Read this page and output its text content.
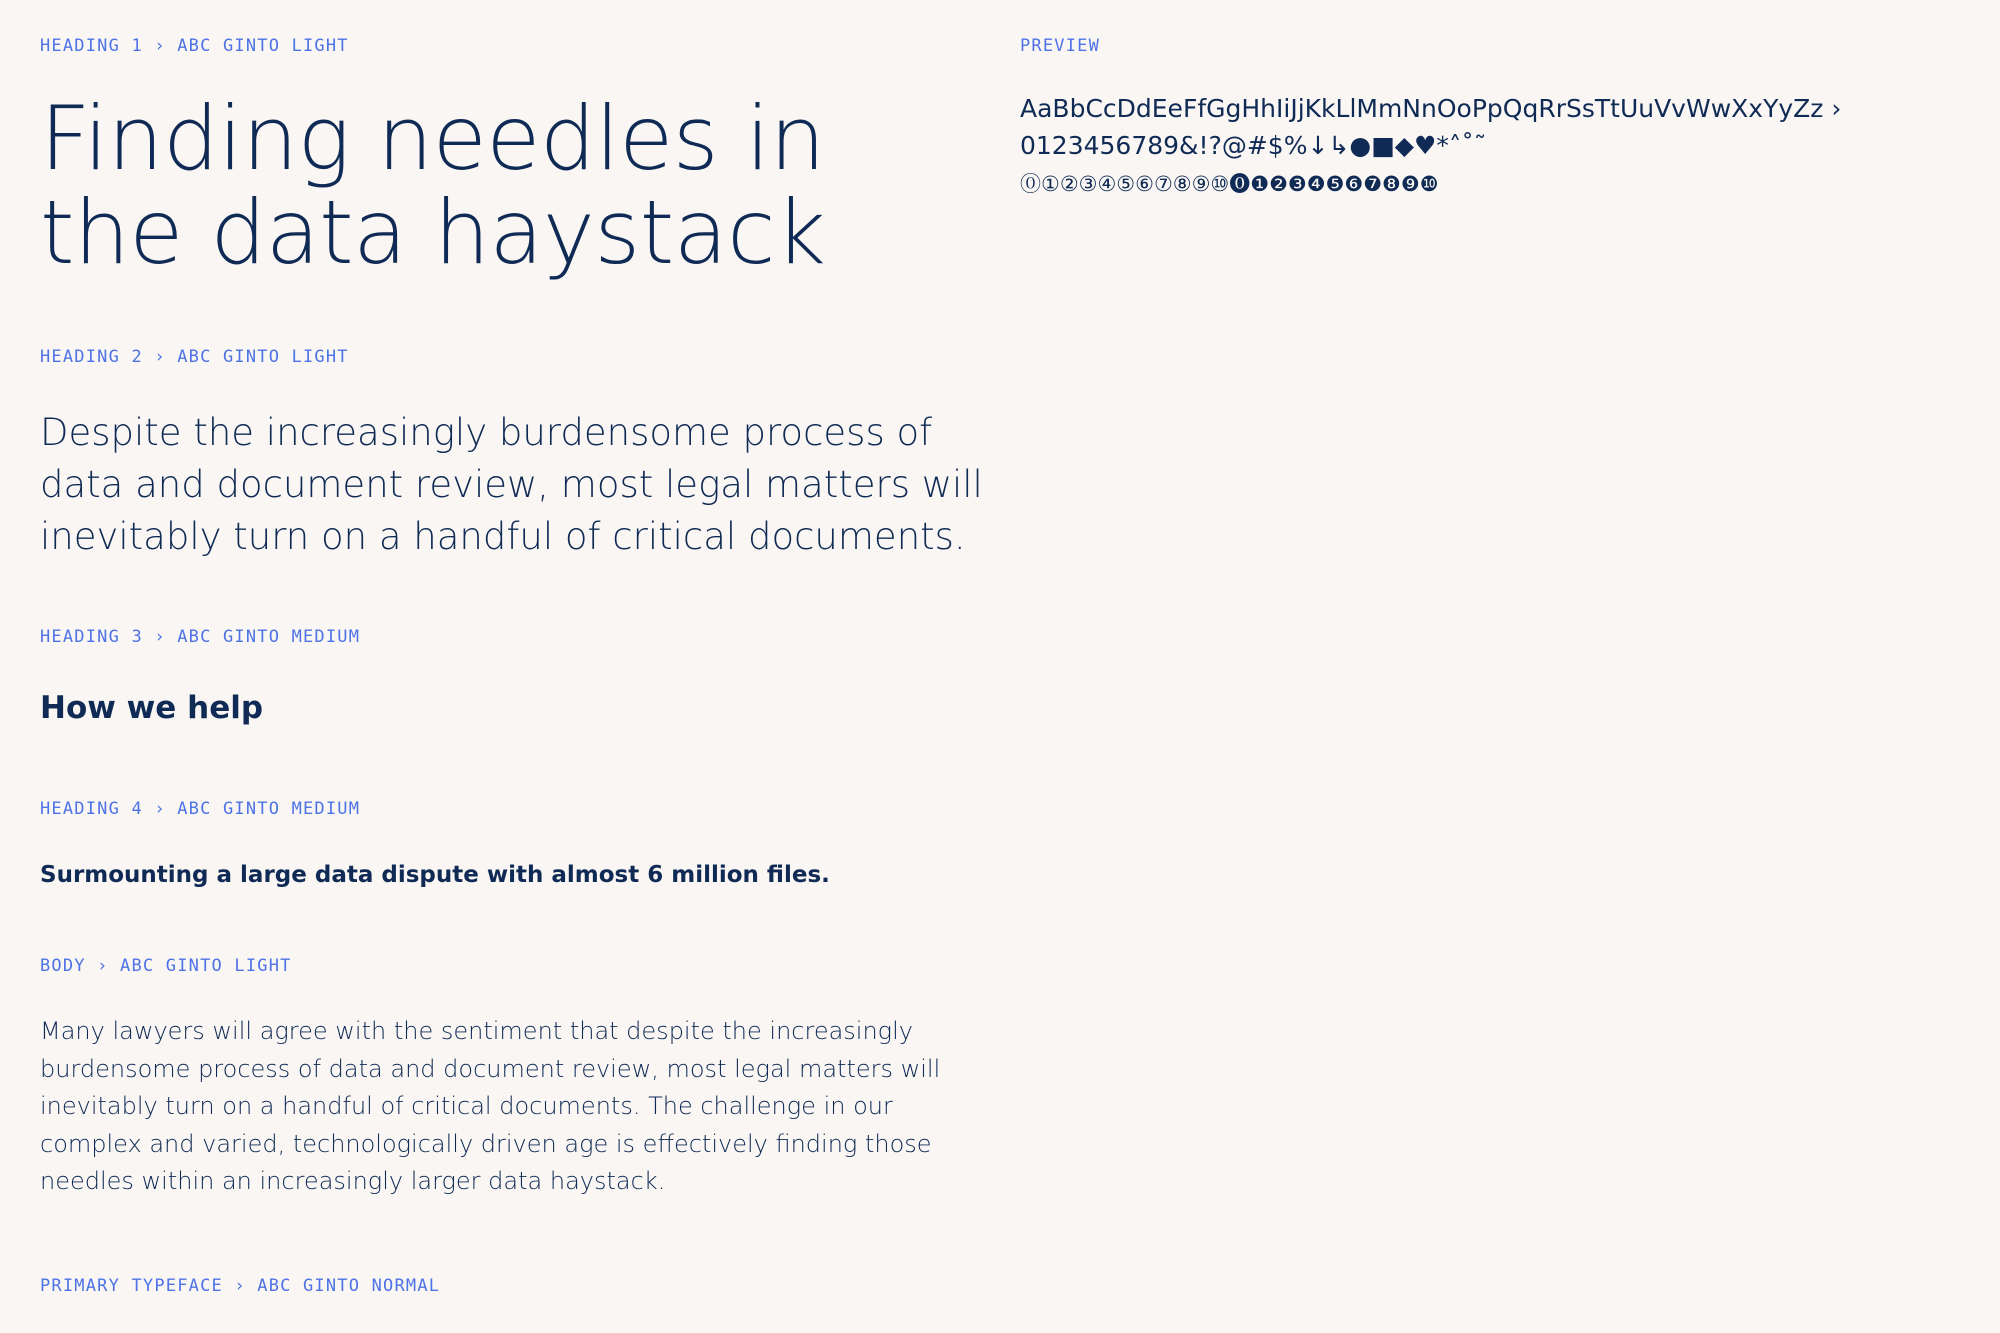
HEADING 1 › ABC GINTO LIGHT
Finding needles in
the data haystack
HEADING 2 › ABC GINTO LIGHT

Despite the increasingly burdensome process of data and document review, most legal matters will inevitably turn on a handful of critical documents.

HEADING 3 › ABC GINTO MEDIUM
How we help
HEADING 4 › ABC GINTO MEDIUM
Surmounting a large data dispute with almost 6 million files.
BODY › ABC GINTO LIGHT

Many lawyers will agree with the sentiment that despite the increasingly burdensome process of data and document review, most legal matters will inevitably turn on a handful of critical documents. The challenge in our complex and varied, technologically driven age is effectively finding those needles within an increasingly larger data haystack.

PRIMARY TYPEFACE › ABC GINTO NORMAL
PREVIEW
AaBbCcDdEeFfGgHhIiJjKkLlMmNnOoPpQqRrSsTtUuVvWwXxYyZz ›
0123456789&!?@#$%↓↳●■◆♥*˄˚˜
⓪①②③④⑤⑥⑦⑧⑨⑩⓿❶❷❸❹❺❻❼❽❾❿
